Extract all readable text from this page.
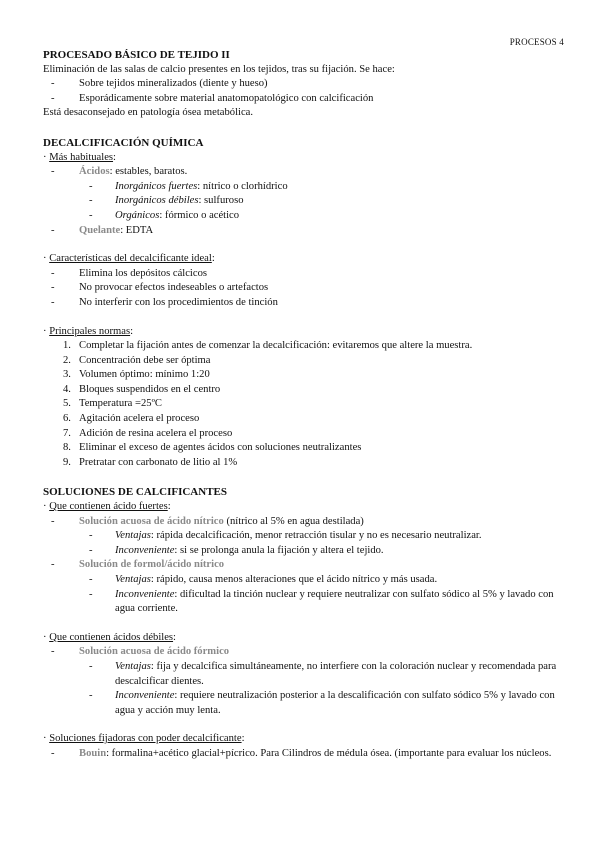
PROCESOS 4
PROCESADO BÁSICO DE TEJIDO II
Eliminación de las salas de calcio presentes en los tejidos, tras su fijación. Se hace:
-	Sobre tejidos mineralizados (diente y hueso)
-	Esporádicamente sobre material anatomopatológico con calcificación
Está desaconsejado en patología ósea metabólica.
DECALCIFICACIÓN QUÍMICA
· Más habituales:
-	Ácidos: estables, baratos.
-	Inorgánicos fuertes: nítrico o clorhídrico
-	Inorgánicos débiles: sulfuroso
-	Orgánicos: fórmico o acético
-	Quelante: EDTA
· Características del decalcificante ideal:
-	Elimina los depósitos cálcicos
-	No provocar efectos indeseables o artefactos
-	No interferir con los procedimientos de tinción
· Principales normas:
1. Completar la fijación antes de comenzar la decalcificación: evitaremos que altere la muestra.
2. Concentración debe ser óptima
3. Volumen óptimo: mínimo 1:20
4. Bloques suspendidos en el centro
5. Temperatura =25ºC
6. Agitación acelera el proceso
7. Adición de resina acelera el proceso
8. Eliminar el exceso de agentes ácidos con soluciones neutralizantes
9. Pretratar con carbonato de litio al 1%
SOLUCIONES DE CALCIFICANTES
· Que contienen ácido fuertes:
-	Solución acuosa de ácido nítrico (nítrico al 5% en agua destilada)
-	Ventajas: rápida decalcificación, menor retracción tisular y no es necesario neutralizar.
-	Inconveniente: si se prolonga anula la fijación y altera el tejido.
-	Solución de formol/ácido nítrico
-	Ventajas: rápido, causa menos alteraciones que el ácido nítrico y más usada.
-	Inconveniente: dificultad la tinción nuclear y requiere neutralizar con sulfato sódico al 5% y lavado con agua corriente.
· Que contienen ácidos débiles:
-	Solución acuosa de ácido fórmico
-	Ventajas: fija y decalcifica simultáneamente, no interfiere con la coloración nuclear y recomendada para descalcificar dientes.
-	Inconveniente: requiere neutralización posterior a la descalificación con sulfato sódico 5% y lavado con agua y acción muy lenta.
· Soluciones fijadoras con poder decalcificante:
-	Bouin: formalina+acético glacial+pícrico. Para Cilindros de médula ósea. (importante para evaluar los núcleos.
